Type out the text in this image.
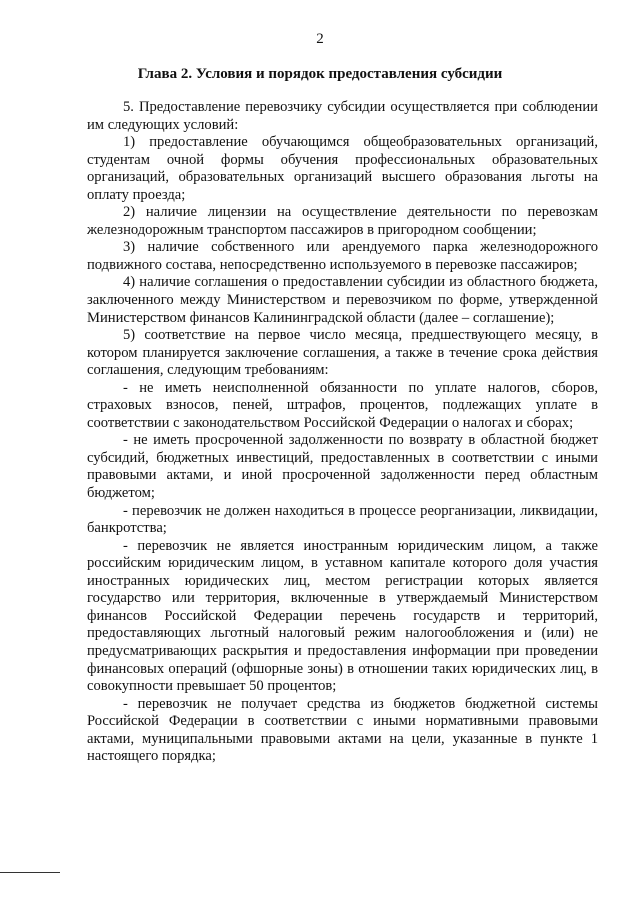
2
Глава 2. Условия и порядок предоставления субсидии

5. Предоставление перевозчику субсидии осуществляется при соблюдении им следующих условий:

1) предоставление обучающимся общеобразовательных организаций, студентам очной формы обучения профессиональных образовательных организаций, образовательных организаций высшего образования льготы на оплату проезда;

2) наличие лицензии на осуществление деятельности по перевозкам железнодорожным транспортом пассажиров в пригородном сообщении;

3) наличие собственного или арендуемого парка железнодорожного подвижного состава, непосредственно используемого в перевозке пассажиров;

4) наличие соглашения о предоставлении субсидии из областного бюджета, заключенного между Министерством и перевозчиком по форме, утвержденной Министерством финансов Калининградской области (далее – соглашение);

5) соответствие на первое число месяца, предшествующего месяцу, в котором планируется заключение соглашения, а также в течение срока действия соглашения, следующим требованиям:

- не иметь неисполненной обязанности по уплате налогов, сборов, страховых взносов, пеней, штрафов, процентов, подлежащих уплате в соответствии с законодательством Российской Федерации о налогах и сборах;

- не иметь просроченной задолженности по возврату в областной бюджет субсидий, бюджетных инвестиций, предоставленных в соответствии с иными правовыми актами, и иной просроченной задолженности перед областным бюджетом;

- перевозчик не должен находиться в процессе реорганизации, ликвидации, банкротства;

- перевозчик не является иностранным юридическим лицом, а также российским юридическим лицом, в уставном капитале которого доля участия иностранных юридических лиц, местом регистрации которых является государство или территория, включенные в утверждаемый Министерством финансов Российской Федерации перечень государств и территорий, предоставляющих льготный налоговый режим налогообложения и (или) не предусматривающих раскрытия и предоставления информации при проведении финансовых операций (офшорные зоны) в отношении таких юридических лиц, в совокупности превышает 50 процентов;

- перевозчик не получает средства из бюджетов бюджетной системы Российской Федерации в соответствии с иными нормативными правовыми актами, муниципальными правовыми актами на цели, указанные в пункте 1 настоящего порядка;
